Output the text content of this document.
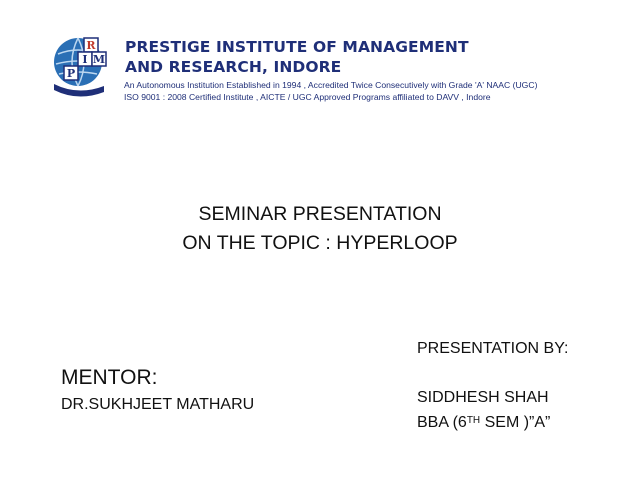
R
I M
P
PRESTIGE INSTITUTE OF MANAGEMENT
AND RESEARCH, INDORE
An Autonomous Institution Established in 1994 , Accredited Twice Consecutively with Grade 'A' NAAC (UGC)
ISO 9001 : 2008 Certified Institute , AICTE / UGC Approved Programs affiliated to DAVV , Indore
SEMINAR PRESENTATION
ON THE TOPIC : HYPERLOOP
MENTOR:
DR.SUKHJEET MATHARU
PRESENTATION BY:
SIDDHESH SHAH
BBA (6TH SEM )”A”
